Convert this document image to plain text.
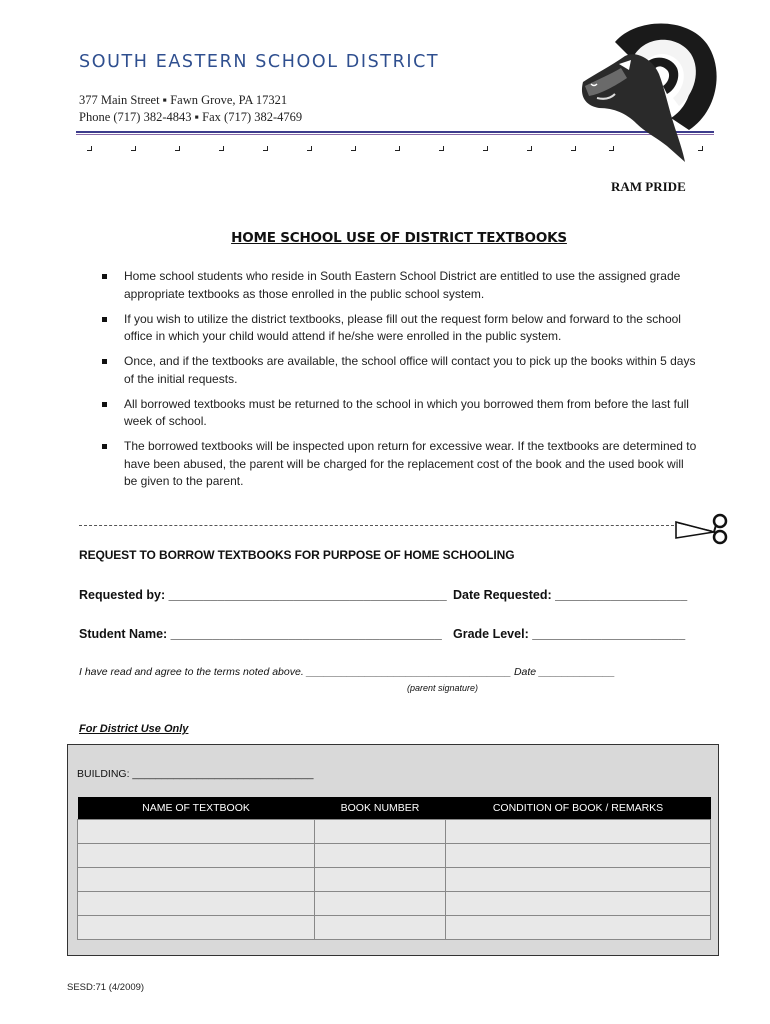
SOUTH EASTERN SCHOOL DISTRICT
377 Main Street ▪ Fawn Grove, PA 17321
Phone (717) 382-4843 ▪ Fax (717) 382-4769
RAM PRIDE
HOME SCHOOL USE OF DISTRICT TEXTBOOKS
Home school students who reside in South Eastern School District are entitled to use the assigned grade appropriate textbooks as those enrolled in the public school system.
If you wish to utilize the district textbooks, please fill out the request form below and forward to the school office in which your child would attend if he/she were enrolled in the public system.
Once, and if the textbooks are available, the school office will contact you to pick up the books within 5 days of the initial requests.
All borrowed textbooks must be returned to the school in which you borrowed them from before the last full week of school.
The borrowed textbooks will be inspected upon return for excessive wear. If the textbooks are determined to have been abused, the parent will be charged for the replacement cost of the book and the used book will be given to the parent.
REQUEST TO BORROW TEXTBOOKS FOR PURPOSE OF HOME SCHOOLING
Requested by: ________________________________________ Date Requested: ___________________
Student Name: _______________________________________ Grade Level: ______________________
I have read and agree to the terms noted above. ___________________________________ Date _____________
(parent signature)
For District Use Only
BUILDING: _______________________________
NAME OF TEXTBOOK	BOOK NUMBER	CONDITION OF BOOK / REMARKS

SESD:71 (4/2009)
